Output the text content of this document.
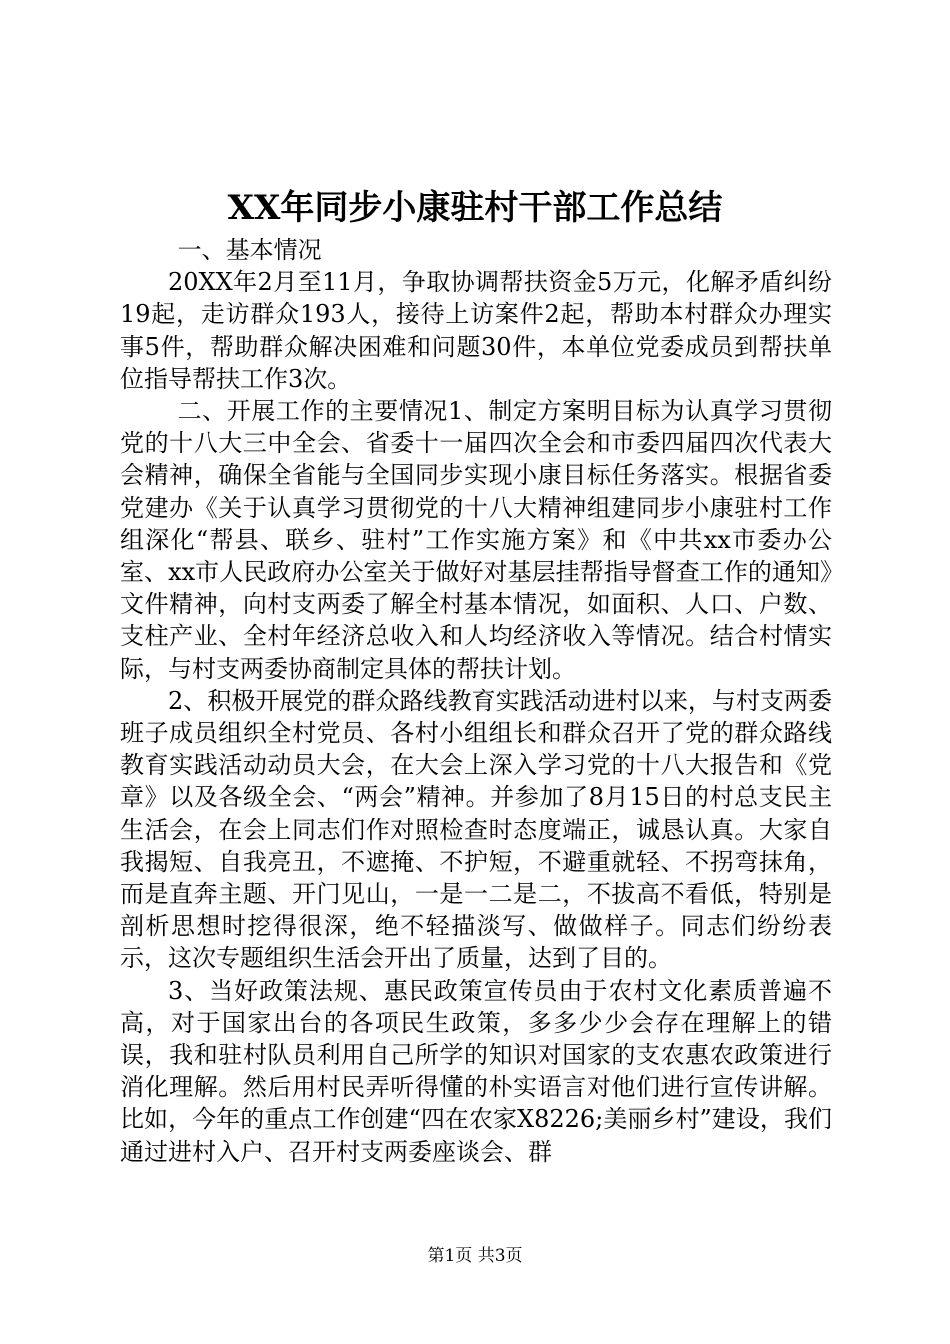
XX年同步小康驻村干部工作总结

一、基本情况

20XX年2月至11月，争取协调帮扶资金5万元，化解矛盾纠纷19起，走访群众193人，接待上访案件2起，帮助本村群众办理实事5件，帮助群众解决困难和问题30件，本单位党委成员到帮扶单位指导帮扶工作3次。

二、开展工作的主要情况1、制定方案明目标为认真学习贯彻党的十八大三中全会、省委十一届四次全会和市委四届四次代表大会精神，确保全省能与全国同步实现小康目标任务落实。根据省委党建办《关于认真学习贯彻党的十八大精神组建同步小康驻村工作组深化“帮县、联乡、驻村”工作实施方案》和《中共xx市委办公室、xx市人民政府办公室关于做好对基层挂帮指导督查工作的通知》文件精神，向村支两委了解全村基本情况，如面积、人口、户数、支柱产业、全村年经济总收入和人均经济收入等情况。结合村情实际，与村支两委协商制定具体的帮扶计划。

2、积极开展党的群众路线教育实践活动进村以来，与村支两委班子成员组织全村党员、各村小组组长和群众召开了党的群众路线教育实践活动动员大会，在大会上深入学习党的十八大报告和《党章》以及各级全会、“两会”精神。并参加了8月15日的村总支民主生活会，在会上同志们作对照检查时态度端正，诚恳认真。大家自我揭短、自我亮丑，不遮掩、不护短，不避重就轻、不拐弯抹角，而是直奔主题、开门见山，一是一二是二，不拔高不看低，特别是剖析思想时挖得很深，绝不轻描淡写、做做样子。同志们纷纷表示，这次专题组织生活会开出了质量，达到了目的。

3、当好政策法规、惠民政策宣传员由于农村文化素质普遍不高，对于国家出台的各项民生政策，多多少少会存在理解上的错误，我和驻村队员利用自己所学的知识对国家的支农惠农政策进行消化理解。然后用村民弄听得懂的朴实语言对他们进行宣传讲解。比如，今年的重点工作创建“四在农家X8226;美丽乡村”建设，我们通过进村入户、召开村支两委座谈会、群

第1页 共3页
